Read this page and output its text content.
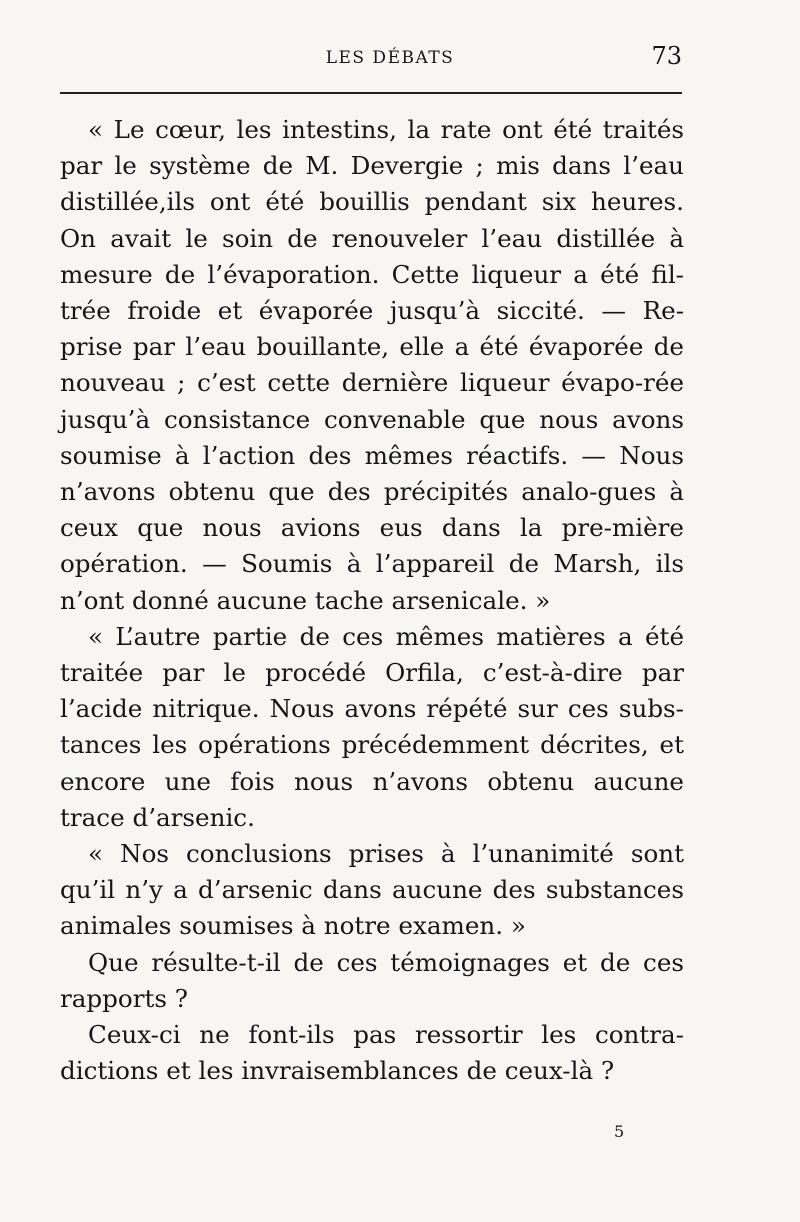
LES DÉBATS	73

« Le cœur, les intestins, la rate ont été traités par le système de M. Devergie ; mis dans l’eau distillée,ils ont été bouillis pendant six heures. On avait le soin de renouveler l’eau distillée à mesure de l’évaporation. Cette liqueur a été fil-trée froide et évaporée jusqu’à siccité. — Re-prise par l’eau bouillante, elle a été évaporée de nouveau ; c’est cette dernière liqueur évapo-rée jusqu’à consistance convenable que nous avons soumise à l’action des mêmes réactifs. — Nous n’avons obtenu que des précipités analo-gues à ceux que nous avions eus dans la pre-mière opération. — Soumis à l’appareil de Marsh, ils n’ont donné aucune tache arsenicale. »

« L’autre partie de ces mêmes matières a été traitée par le procédé Orfila, c’est-à-dire par l’acide nitrique. Nous avons répété sur ces subs-tances les opérations précédemment décrites, et encore une fois nous n’avons obtenu aucune trace d’arsenic.

« Nos conclusions prises à l’unanimité sont qu’il n’y a d’arsenic dans aucune des substances animales soumises à notre examen. »

Que résulte-t-il de ces témoignages et de ces rapports ?

Ceux-ci ne font-ils pas ressortir les contra-dictions et les invraisemblances de ceux-là ?

5
